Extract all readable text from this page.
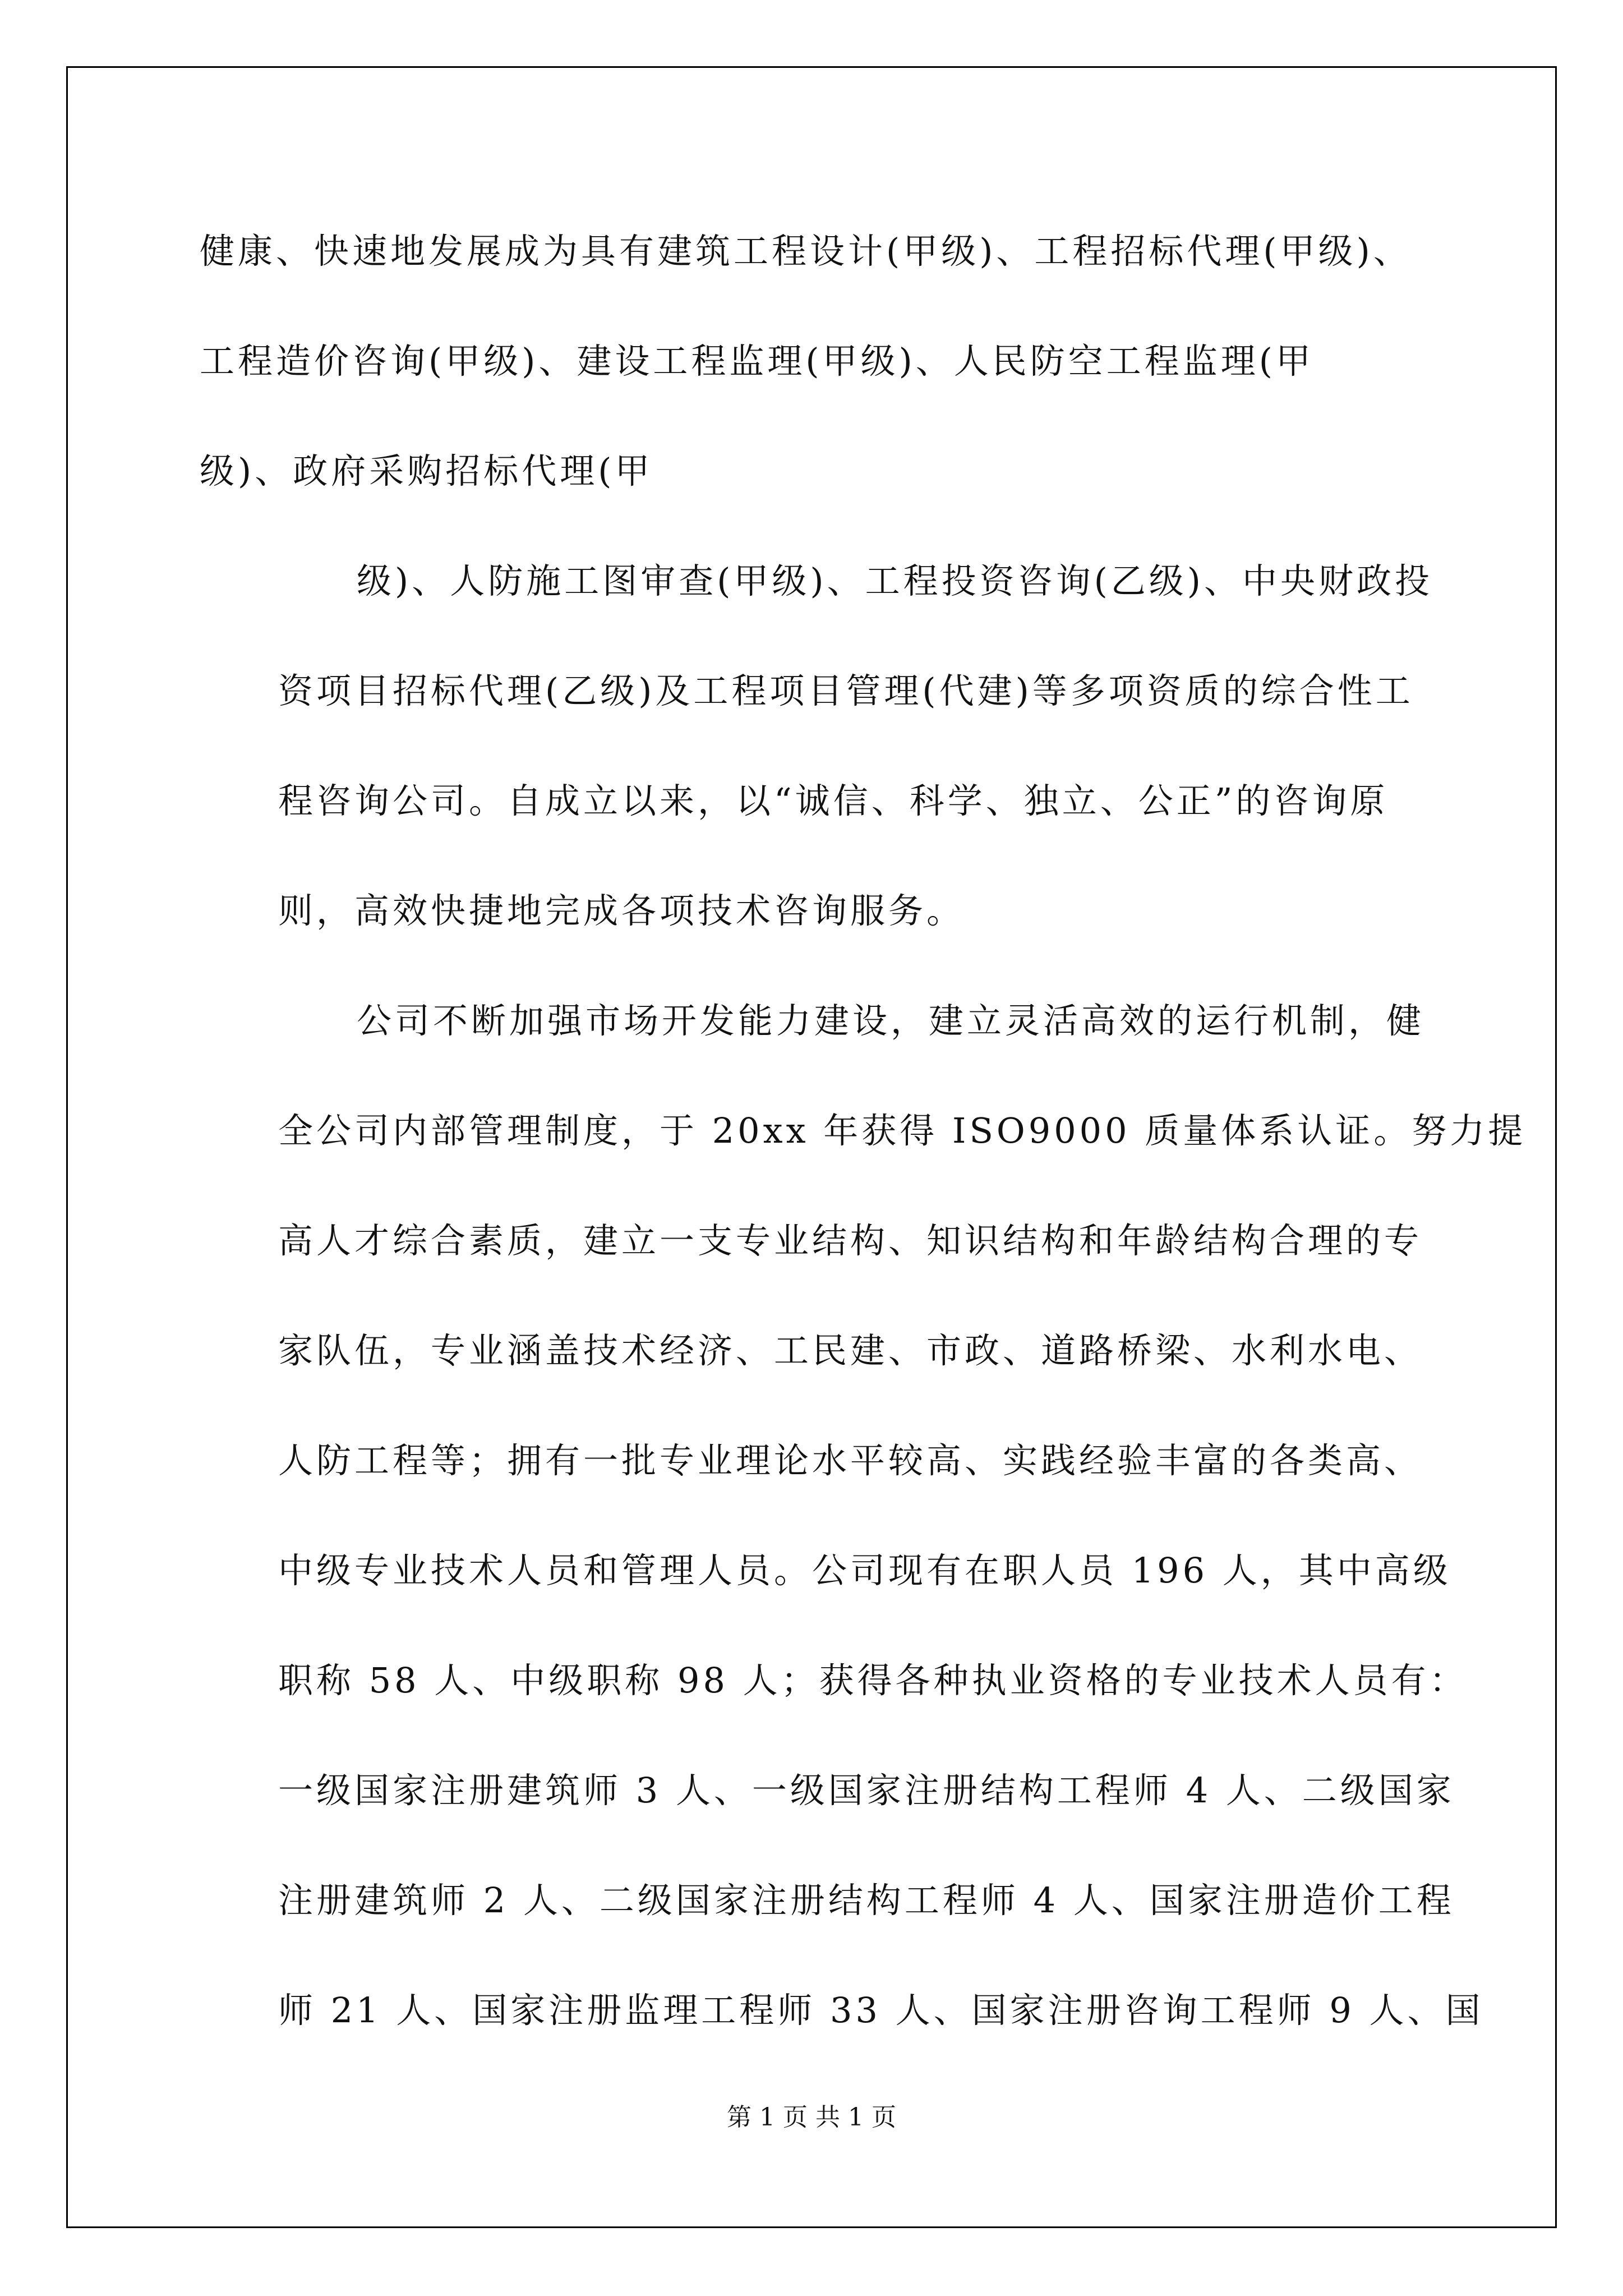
健康、快速地发展成为具有建筑工程设计(甲级)、工程招标代理(甲级)、
工程造价咨询(甲级)、建设工程监理(甲级)、人民防空工程监理(甲
级)、政府采购招标代理(甲

级)、人防施工图审查(甲级)、工程投资咨询(乙级)、中央财政投
资项目招标代理(乙级)及工程项目管理(代建)等多项资质的综合性工
程咨询公司。自成立以来，以“诚信、科学、独立、公正”的咨询原
则，高效快捷地完成各项技术咨询服务。

公司不断加强市场开发能力建设，建立灵活高效的运行机制，健
全公司内部管理制度，于 20xx 年获得 ISO9000 质量体系认证。努力提
高人才综合素质，建立一支专业结构、知识结构和年龄结构合理的专
家队伍，专业涵盖技术经济、工民建、市政、道路桥梁、水利水电、
人防工程等；拥有一批专业理论水平较高、实践经验丰富的各类高、
中级专业技术人员和管理人员。公司现有在职人员 196 人，其中高级
职称 58 人、中级职称 98 人；获得各种执业资格的专业技术人员有：
一级国家注册建筑师 3 人、一级国家注册结构工程师 4 人、二级国家
注册建筑师 2 人、二级国家注册结构工程师 4 人、国家注册造价工程
师 21 人、国家注册监理工程师 33 人、国家注册咨询工程师 9 人、国

第 1 页 共 1 页
